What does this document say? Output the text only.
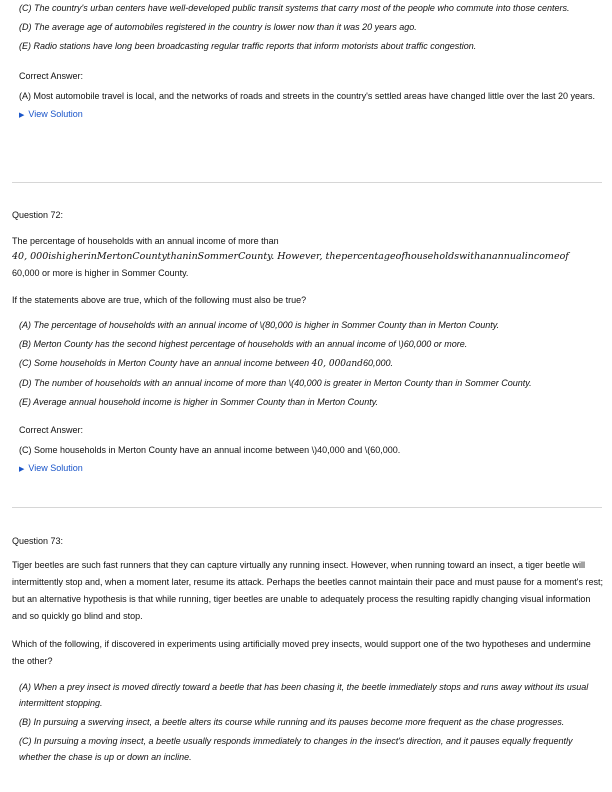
(C) The country's urban centers have well-developed public transit systems that carry most of the people who commute into those centers.
(D) The average age of automobiles registered in the country is lower now than it was 20 years ago.
(E) Radio stations have long been broadcasting regular traffic reports that inform motorists about traffic congestion.
Correct Answer:
(A) Most automobile travel is local, and the networks of roads and streets in the country's settled areas have changed little over the last 20 years.
▶ View Solution
Question 72:
The percentage of households with an annual income of more than
40, 000isℎigℎerinMertonCountytℎaninSommerCounty. However, tℎepercentageofℎouseℎoldswitℎanannualincomeof
60,000 or more is higher in Sommer County.
If the statements above are true, which of the following must also be true?
(A) The percentage of households with an annual income of \(80,000 is higher in Sommer County than in Merton County.
(B) Merton County has the second highest percentage of households with an annual income of \)60,000 or more.
(C) Some households in Merton County have an annual income between 40, 000and60,000.
(D) The number of households with an annual income of more than \(40,000 is greater in Merton County than in Sommer County.
(E) Average annual household income is higher in Sommer County than in Merton County.
Correct Answer:
(C) Some households in Merton County have an annual income between \)40,000 and \(60,000.
▶ View Solution
Question 73:
Tiger beetles are such fast runners that they can capture virtually any running insect. However, when running toward an insect, a tiger beetle will intermittently stop and, when a moment later, resume its attack. Perhaps the beetles cannot maintain their pace and must pause for a moment's rest; but an alternative hypothesis is that while running, tiger beetles are unable to adequately process the resulting rapidly changing visual information and so quickly go blind and stop.
Which of the following, if discovered in experiments using artificially moved prey insects, would support one of the two hypotheses and undermine the other?
(A) When a prey insect is moved directly toward a beetle that has been chasing it, the beetle immediately stops and runs away without its usual intermittent stopping.
(B) In pursuing a swerving insect, a beetle alters its course while running and its pauses become more frequent as the chase progresses.
(C) In pursuing a moving insect, a beetle usually responds immediately to changes in the insect's direction, and it pauses equally frequently whether the chase is up or down an incline.
